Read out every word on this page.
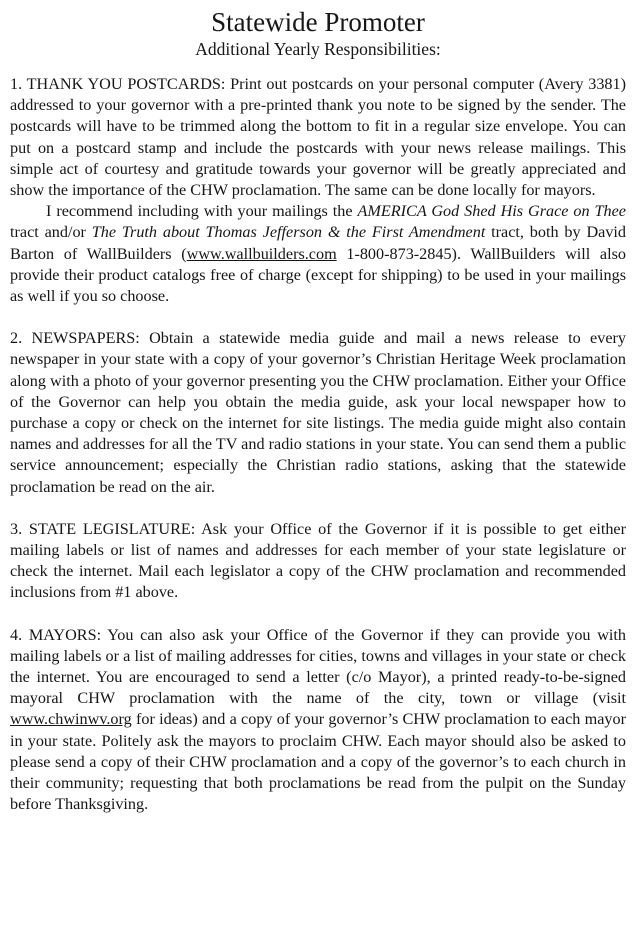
Statewide Promoter
Additional Yearly Responsibilities:

1. THANK YOU POSTCARDS: Print out postcards on your personal computer (Avery 3381) addressed to your governor with a pre-printed thank you note to be signed by the sender. The postcards will have to be trimmed along the bottom to fit in a regular size envelope. You can put on a postcard stamp and include the postcards with your news release mailings. This simple act of courtesy and gratitude towards your governor will be greatly appreciated and show the importance of the CHW proclamation. The same can be done locally for mayors.

I recommend including with your mailings the AMERICA God Shed His Grace on Thee tract and/or The Truth about Thomas Jefferson & the First Amendment tract, both by David Barton of WallBuilders (www.wallbuilders.com 1-800-873-2845). WallBuilders will also provide their product catalogs free of charge (except for shipping) to be used in your mailings as well if you so choose.

2. NEWSPAPERS: Obtain a statewide media guide and mail a news release to every newspaper in your state with a copy of your governor’s Christian Heritage Week proclamation along with a photo of your governor presenting you the CHW proclamation. Either your Office of the Governor can help you obtain the media guide, ask your local newspaper how to purchase a copy or check on the internet for site listings. The media guide might also contain names and addresses for all the TV and radio stations in your state. You can send them a public service announcement; especially the Christian radio stations, asking that the statewide proclamation be read on the air.

3. STATE LEGISLATURE: Ask your Office of the Governor if it is possible to get either mailing labels or list of names and addresses for each member of your state legislature or check the internet. Mail each legislator a copy of the CHW proclamation and recommended inclusions from #1 above.

4. MAYORS: You can also ask your Office of the Governor if they can provide you with mailing labels or a list of mailing addresses for cities, towns and villages in your state or check the internet. You are encouraged to send a letter (c/o Mayor), a printed ready-to-be-signed mayoral CHW proclamation with the name of the city, town or village (visit www.chwinwv.org for ideas) and a copy of your governor’s CHW proclamation to each mayor in your state. Politely ask the mayors to proclaim CHW. Each mayor should also be asked to please send a copy of their CHW proclamation and a copy of the governor’s to each church in their community; requesting that both proclamations be read from the pulpit on the Sunday before Thanksgiving.
